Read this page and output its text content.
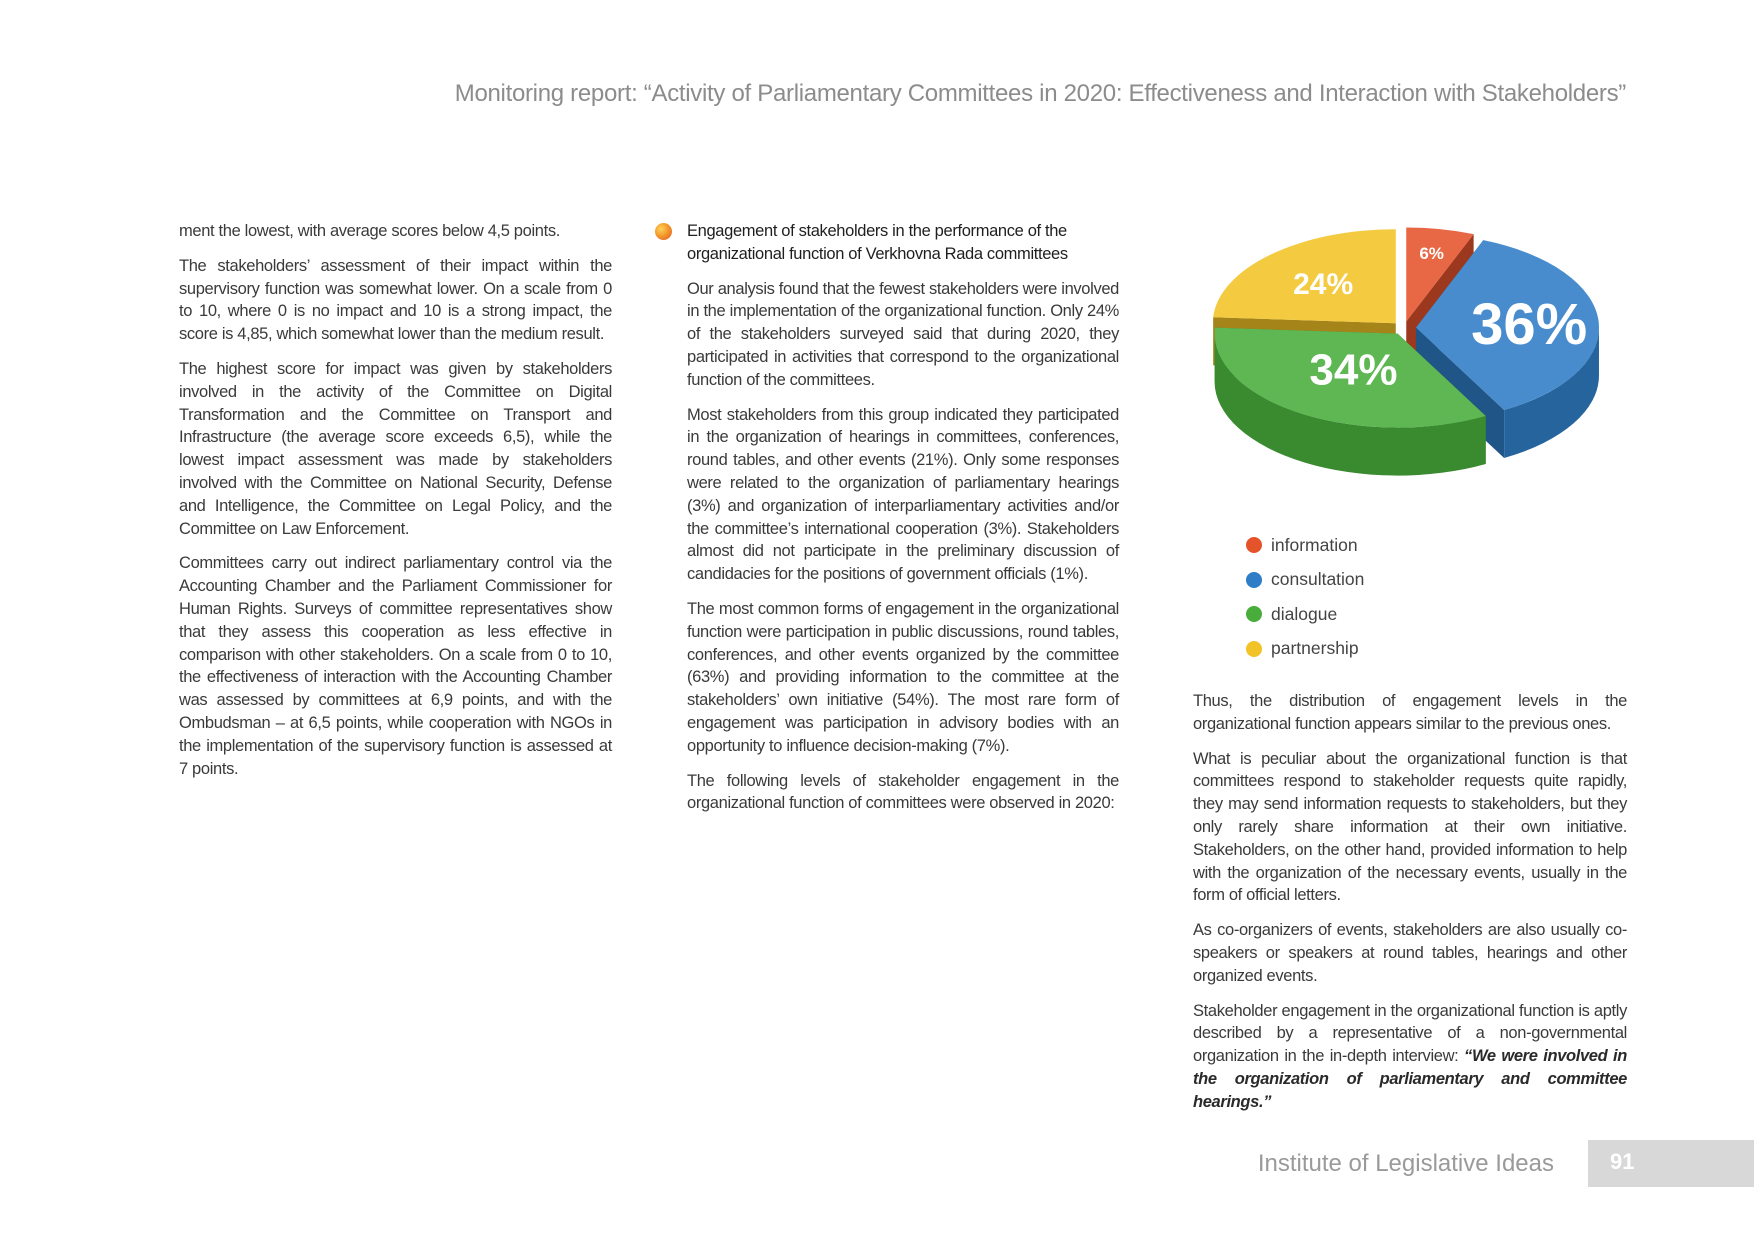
Monitoring report: “Activity of Parliamentary Committees in 2020: Effectiveness and Interaction with Stakeholders”

ment the lowest, with average scores below 4,5 points.

The stakeholders’ assessment of their impact within the supervisory function was somewhat lower. On a scale from 0 to 10, where 0 is no impact and 10 is a strong impact, the score is 4,85, which somewhat lower than the medium result.

The highest score for impact was given by stakeholders involved in the activity of the Committee on Digital Transformation and the Committee on Transport and Infrastructure (the average score exceeds 6,5), while the lowest impact assessment was made by stakeholders involved with the Committee on National Security, Defense and Intelligence, the Committee on Legal Policy, and the Committee on Law Enforcement.

Committees carry out indirect parliamentary control via the Accounting Chamber and the Parliament Commissioner for Human Rights. Surveys of committee representatives show that they assess this cooperation as less effective in comparison with other stakeholders. On a scale from 0 to 10, the effectiveness of interaction with the Accounting Chamber was assessed by committees at 6,9 points, and with the Ombudsman – at 6,5 points, while cooperation with NGOs in the implementation of the supervisory function is assessed at 7 points.

Engagement of stakeholders in the performance of the organizational function of Verkhovna Rada committees

Our analysis found that the fewest stakeholders were involved in the implementation of the organizational function. Only 24% of the stakeholders surveyed said that during 2020, they participated in activities that correspond to the organizational function of the committees.

Most stakeholders from this group indicated they participated in the organization of hearings in committees, conferences, round tables, and other events (21%). Only some responses were related to the organization of parliamentary hearings (3%) and organization of interparliamentary activities and/or the committee’s international cooperation (3%). Stakeholders almost did not participate in the preliminary discussion of candidacies for the positions of government officials (1%).

The most common forms of engagement in the organizational function were participation in public discussions, round tables, conferences, and other events organized by the committee (63%) and providing information to the committee at the stakeholders’ own initiative (54%). The most rare form of engagement was participation in advisory bodies with an opportunity to influence decision-making (7%).

The following levels of stakeholder engagement in the organizational function of committees were observed in 2020:

6%
36%
34%
24%
information
consultation
dialogue
partnership

Thus, the distribution of engagement levels in the organizational function appears similar to the previous ones.

What is peculiar about the organizational function is that committees respond to stakeholder requests quite rapidly, they may send information requests to stakeholders, but they only rarely share information at their own initiative. Stakeholders, on the other hand, provided information to help with the organization of the necessary events, usually in the form of official letters.

As co-organizers of events, stakeholders are also usually co-speakers or speakers at round tables, hearings and other organized events.

Stakeholder engagement in the organizational function is aptly described by a representative of a non-governmental organization in the in-depth interview: “We were involved in the organization of parliamentary and committee hearings.”

Institute of Legislative Ideas	91
